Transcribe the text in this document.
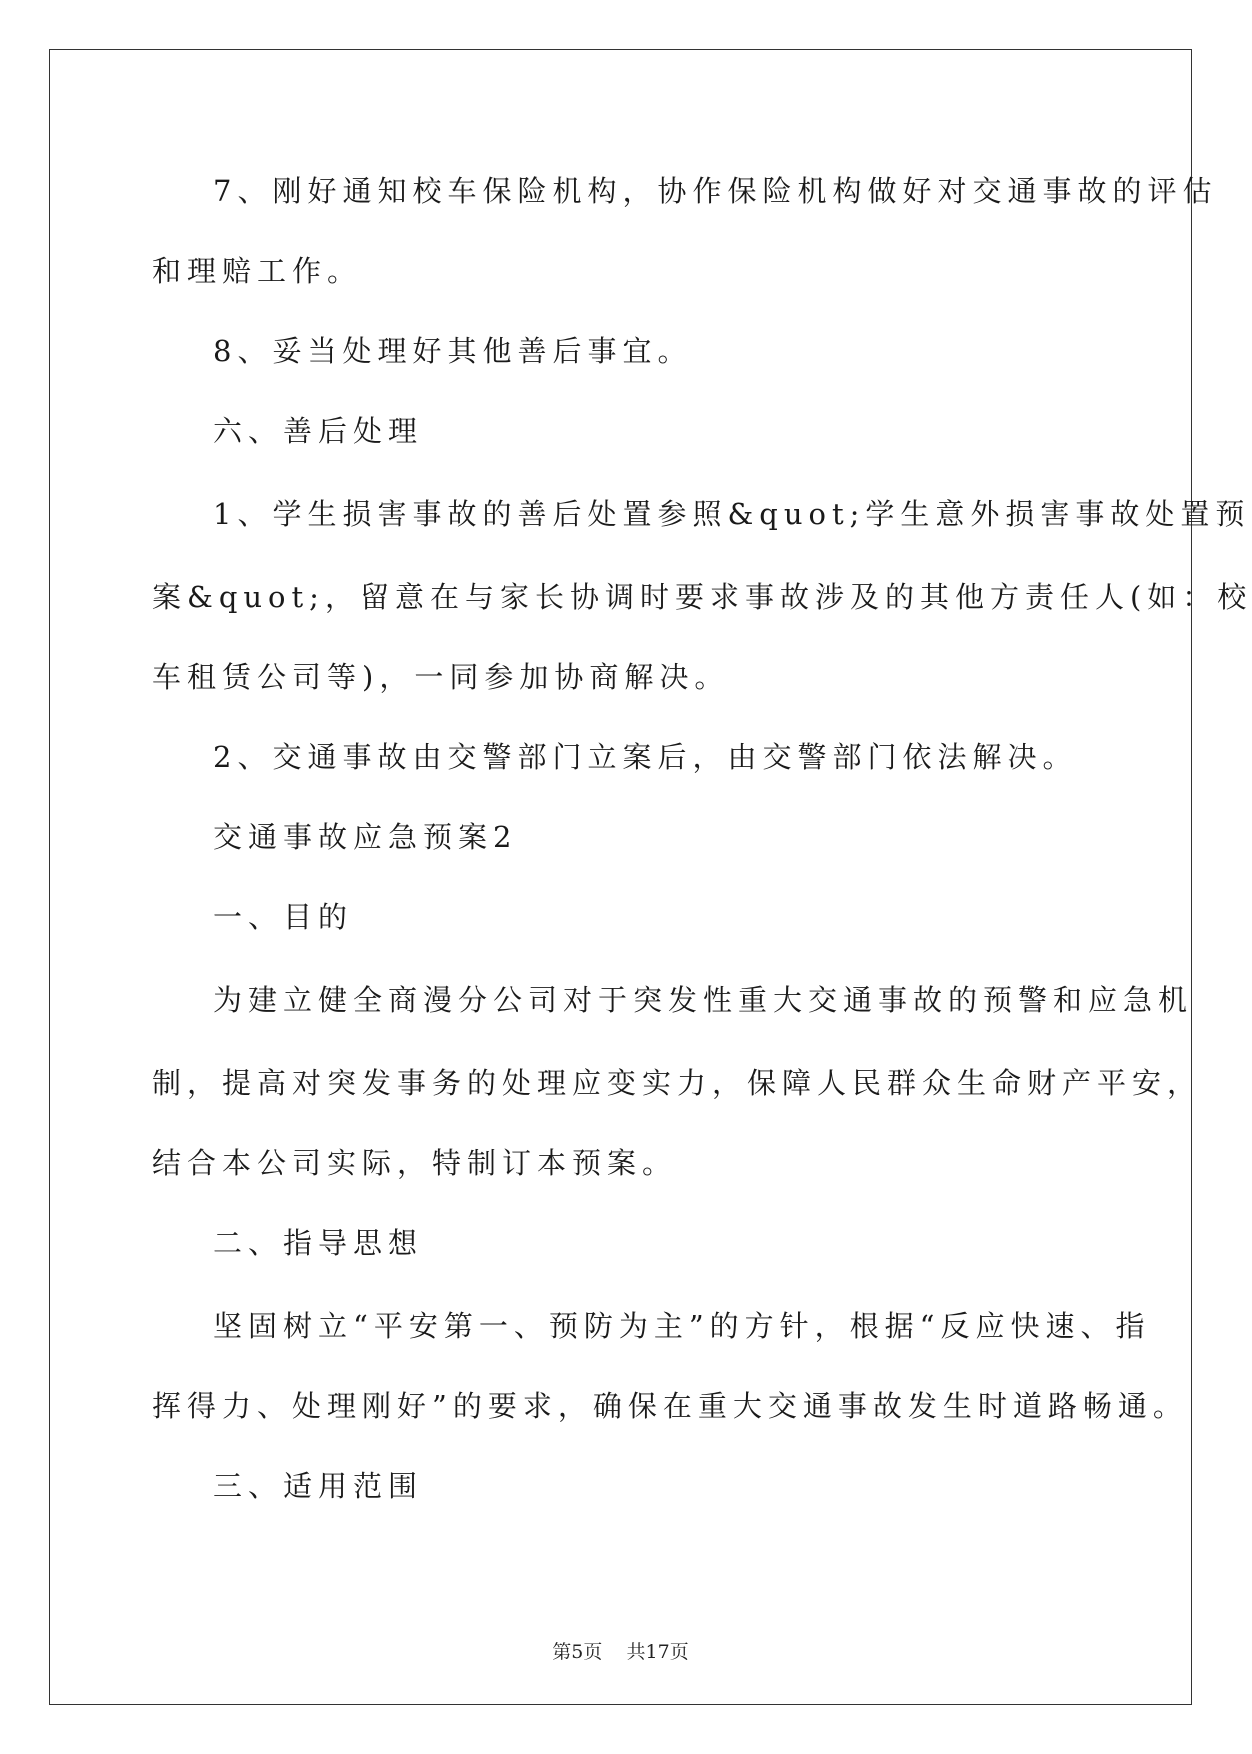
7、刚好通知校车保险机构，协作保险机构做好对交通事故的评估
和理赔工作。
8、妥当处理好其他善后事宜。
六、善后处理
1、学生损害事故的善后处置参照&quot;学生意外损害事故处置预
案&quot;，留意在与家长协调时要求事故涉及的其他方责任人(如：校
车租赁公司等)，一同参加协商解决。
2、交通事故由交警部门立案后，由交警部门依法解决。
交通事故应急预案2
一、目的
为建立健全商漫分公司对于突发性重大交通事故的预警和应急机
制，提高对突发事务的处理应变实力，保障人民群众生命财产平安，
结合本公司实际，特制订本预案。
二、指导思想
坚固树立“平安第一、预防为主”的方针，根据“反应快速、指
挥得力、处理刚好”的要求，确保在重大交通事故发生时道路畅通。
三、适用范围
第5页 共17页
